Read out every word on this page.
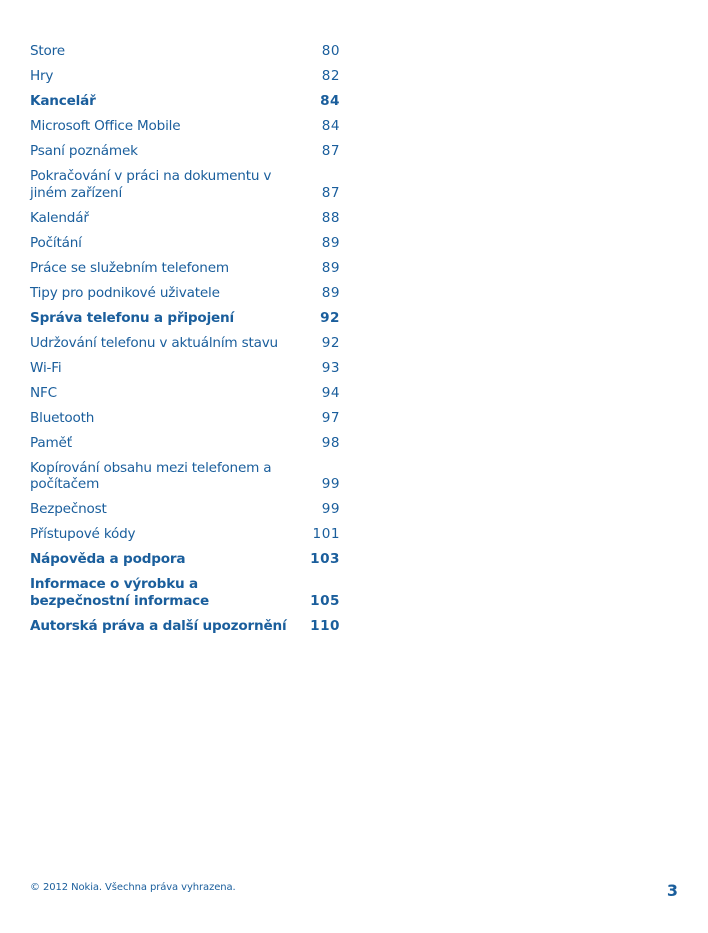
Store	80
Hry	82
Kancelář	84
Microsoft Office Mobile	84
Psaní poznámek	87
Pokračování v práci na dokumentu v jiném zařízení	87
Kalendář	88
Počítání	89
Práce se služebním telefonem	89
Tipy pro podnikové uživatele	89
Správa telefonu a připojení	92
Udržování telefonu v aktuálním stavu	92
Wi-Fi	93
NFC	94
Bluetooth	97
Paměť	98
Kopírování obsahu mezi telefonem a počítačem	99
Bezpečnost	99
Přístupové kódy	101
Nápověda a podpora	103
Informace o výrobku a bezpečnostní informace	105
Autorská práva a další upozornění	110
© 2012 Nokia. Všechna práva vyhrazena.	3
